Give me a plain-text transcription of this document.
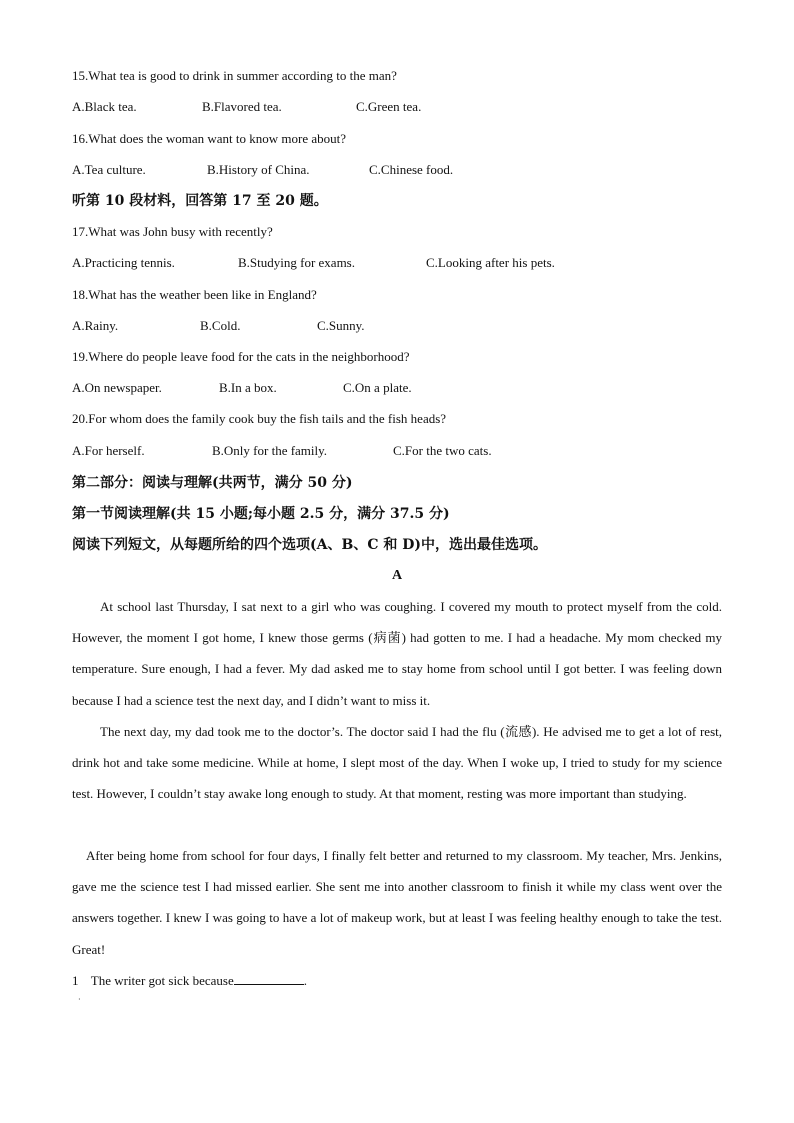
15.What tea is good to drink in summer according to the man?
A.Black tea.	B.Flavored tea.	C.Green tea.
16.What does the woman want to know more about?
A.Tea culture.	B.History of China.	C.Chinese food.
听第 10 段材料，回答第 17 至 20 题。
17.What was John busy with recently?
A.Practicing tennis.	B.Studying for exams.	C.Looking after his pets.
18.What has the weather been like in England?
A.Rainy.	B.Cold.	C.Sunny.
19.Where do people leave food for the cats in the neighborhood?
A.On newspaper.	B.In a box.	C.On a plate.
20.For whom does the family cook buy the fish tails and the fish heads?
A.For herself.	B.Only for the family.	C.For the two cats.
第二部分：阅读与理解(共两节，满分 50 分)
第一节阅读理解(共 15 小题;每小题 2.5 分，满分 37.5 分)
阅读下列短文，从每题所给的四个选项(A、B、C 和 D)中，选出最佳选项。
A
At school last Thursday, I sat next to a girl who was coughing. I covered my mouth to protect myself from the cold. However, the moment I got home, I knew those germs (病菌) had gotten to me. I had a headache. My mom checked my temperature. Sure enough, I had a fever. My dad asked me to stay home from school until I got better. I was feeling down because I had a science test the next day, and I didn’t want to miss it.
The next day, my dad took me to the doctor’s. The doctor said I had the flu (流感). He advised me to get a lot of rest, drink hot and take some medicine. While at home, I slept most of the day. When I woke up, I tried to study for my science test. However, I couldn’t stay awake long enough to study. At that moment, resting was more important than studying.
After being home from school for four days, I finally felt better and returned to my classroom. My teacher, Mrs. Jenkins, gave me the science test I had missed earlier. She sent me into another classroom to finish it while my class went over the answers together. I knew I was going to have a lot of makeup work, but at least I was feeling healthy enough to take the test. Great!
1 The writer got sick because	.
·
